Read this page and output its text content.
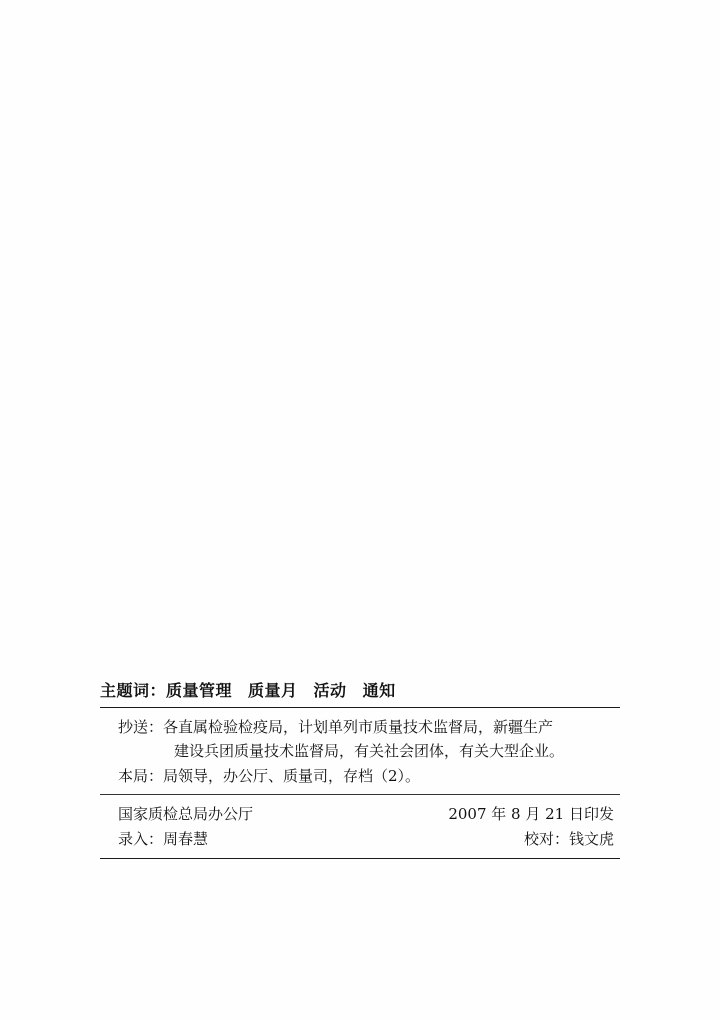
主题词：质量管理 质量月 活动 通知
抄送：各直属检验检疫局，计划单列市质量技术监督局，新疆生产
建设兵团质量技术监督局，有关社会团体，有关大型企业。
本局：局领导，办公厅、质量司，存档（2）。
国家质检总局办公厅	2007 年 8 月 21 日印发
录入：周春慧	校对：钱文虎
